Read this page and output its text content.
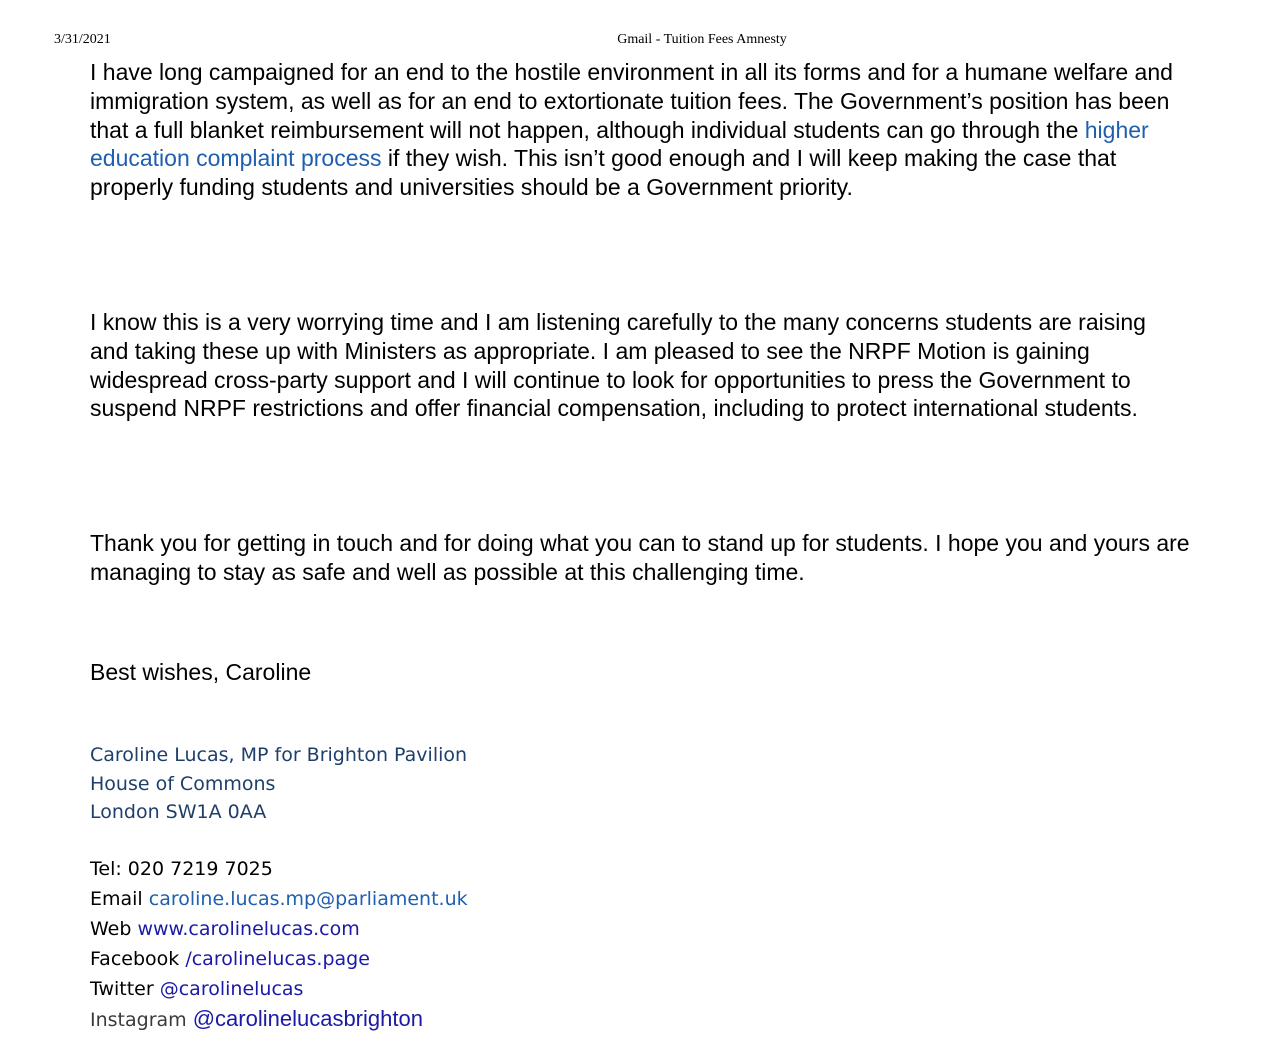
3/31/2021	Gmail - Tuition Fees Amnesty

I have long campaigned for an end to the hostile environment in all its forms and for a humane welfare and immigration system, as well as for an end to extortionate tuition fees. The Government’s position has been that a full blanket reimbursement will not happen, although individual students can go through the higher education complaint process if they wish. This isn’t good enough and I will keep making the case that properly funding students and universities should be a Government priority.

I know this is a very worrying time and I am listening carefully to the many concerns students are raising and taking these up with Ministers as appropriate. I am pleased to see the NRPF Motion is gaining widespread cross-party support and I will continue to look for opportunities to press the Government to suspend NRPF restrictions and offer financial compensation, including to protect international students.

Thank you for getting in touch and for doing what you can to stand up for students. I hope you and yours are managing to stay as safe and well as possible at this challenging time.

Best wishes, Caroline

Caroline Lucas, MP for Brighton Pavilion
House of Commons
London SW1A 0AA
Tel: 020 7219 7025
Email caroline.lucas.mp@parliament.uk
Web www.carolinelucas.com
Facebook /carolinelucas.page
Twitter @carolinelucas
Instagram @carolinelucasbrighton
